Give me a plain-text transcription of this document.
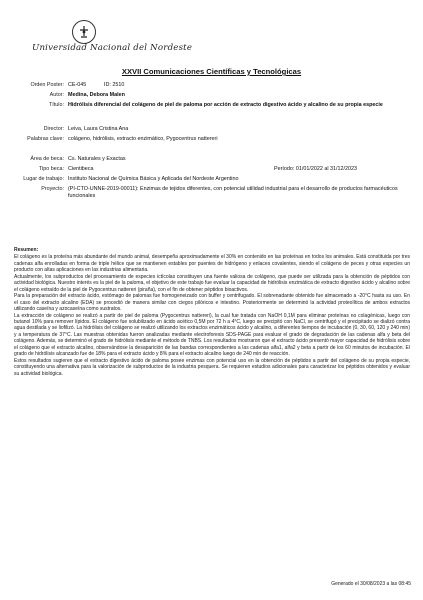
Universidad Nacional del Nordeste
XXVII Comunicaciones Científicas y Tecnológicas
Orden Poster: CE-045	ID: 2510
Autor: Medina, Debora Malen
Título: Hidrólisis diferencial del colágeno de piel de paloma por acción de extracto digestivo ácido y alcalino de su propia especie
Director: Leiva, Laura Cristina Ana
Palabras clave: colágeno, hidrólisis, extracto enzimático, Pygocentrus nattereri
Área de beca: Cs. Naturales y Exactas
Tipo beca: Cientibeca	Período: 01/01/2022 al 31/12/2023
Lugar de trabajo: Instituto Nacional de Química Básica y Aplicada del Nordeste Argentino
Proyecto: (PI-CTO-UNNE-2019-00011): Enzimas de tejidos diferentes, con potencial utilidad industrial para el desarrollo de productos farmacéuticos funcionales
Resumen:

El colágeno es la proteína más abundante del mundo animal, desempeña aproximadamente el 30% en contenido en las proteínas en todos los animales. Está constituida por tres cadenas alfa enrolladas en forma de triple hélice que se mantienen estables por puentes de hidrógeno y enlaces covalentes, siendo el colágeno de peces y otras especies un producto con altas aplicaciones en las industrias alimentaria.

Actualmente, los subproductos del procesamiento de especies ictícolas constituyen una fuente valiosa de colágeno, que puede ser utilizada para la obtención de péptidos con actividad biológica. Nuestro interés es la piel de la paloma, el objetivo de este trabajo fue evaluar la capacidad de hidrólisis enzimática de extracto digestivo ácido y alcalino sobre el colágeno extraído de la piel de Pygocentrus nattereri (piraña), con el fin de obtener péptidos bioactivos.

Para la preparación del extracto ácido, estómago de palomas fue homogeneizado con buffer y centrifugado. El sobrenadante obtenido fue almacenado a -20°C hasta su uso. En el caso del extracto alcalino (EDA) se procedió de manera similar con ciegos pilóricos e intestino. Posteriormente se determinó la actividad proteolítica de ambos extractos utilizando caseína y azocaseína como sustratos.

La extracción de colágeno se realizó a partir de piel de paloma (Pygocentrus nattereri), la cual fue tratada con NaOH 0,1M para eliminar proteínas no colagénicas, luego con butanol 10% para remover lípidos. El colágeno fue solubilizado en ácido acético 0,5M por 72 h a 4°C, luego se precipitó con NaCl, se centrifugó y el precipitado se dializó contra agua destilada y se liofilizó. La hidrólisis del colágeno se realizó utilizando los extractos enzimáticos ácido y alcalino, a diferentes tiempos de incubación (0, 30, 60, 120 y 240 min) y a temperatura de 37°C. Las muestras obtenidas fueron analizadas mediante electroforesis SDS-PAGE para evaluar el grado de degradación de las cadenas alfa y beta del colágeno. Además, se determinó el grado de hidrólisis mediante el método de TNBS. Los resultados mostraron que el extracto ácido presentó mayor capacidad de hidrólisis sobre el colágeno que el extracto alcalino, observándose la desaparición de las bandas correspondientes a las cadenas alfa1, alfa2 y beta a partir de los 60 minutos de incubación. El grado de hidrólisis alcanzado fue de 18% para el extracto ácido y 8% para el extracto alcalino luego de 240 min de reacción.

Estos resultados sugieren que el extracto digestivo ácido de paloma posee enzimas con potencial uso en la obtención de péptidos a partir del colágeno de su propia especie, constituyendo una alternativa para la valorización de subproductos de la industria pesquera. Se requieren estudios adicionales para caracterizar los péptidos obtenidos y evaluar su actividad biológica.

Generado el 30/08/2023 a las 08:45
